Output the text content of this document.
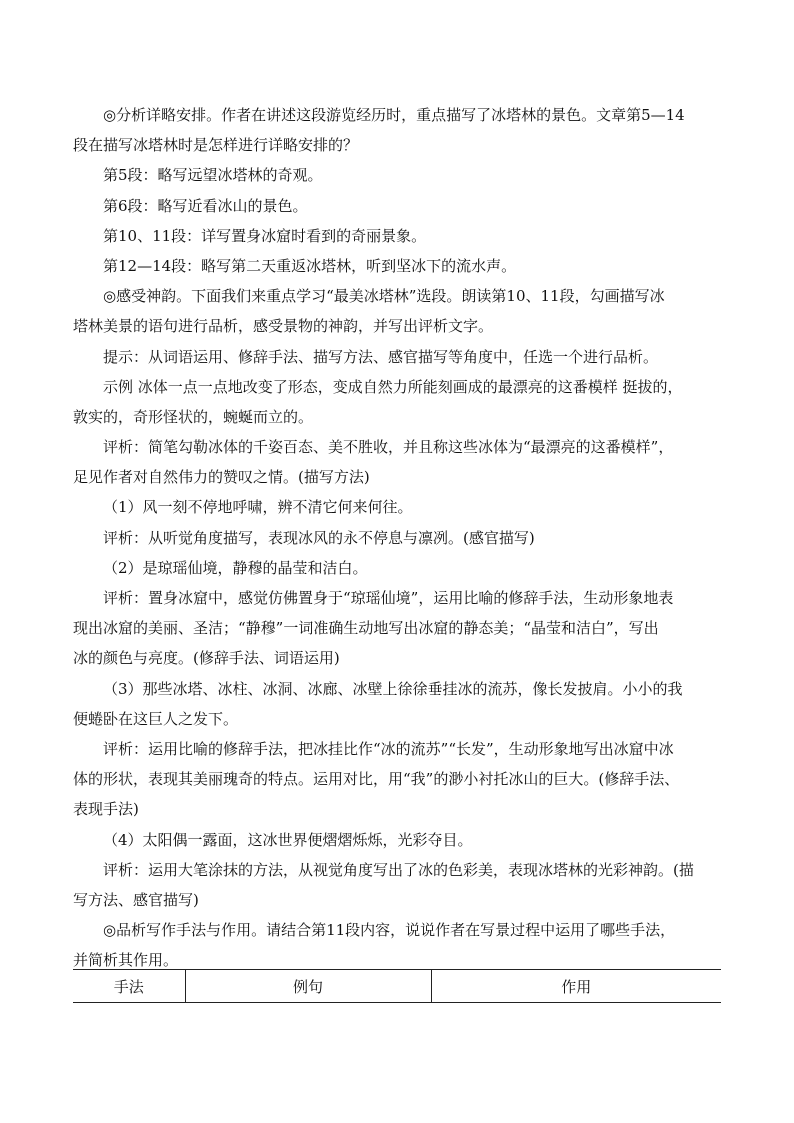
◎分析详略安排。作者在讲述这段游览经历时，重点描写了冰塔林的景色。文章第5—14
段在描写冰塔林时是怎样进行详略安排的？
第5段：略写远望冰塔林的奇观。
第6段：略写近看冰山的景色。
第10、11段：详写置身冰窟时看到的奇丽景象。
第12—14段：略写第二天重返冰塔林，听到坚冰下的流水声。
◎感受神韵。下面我们来重点学习“最美冰塔林”选段。朗读第10、11段，勾画描写冰
塔林美景的语句进行品析，感受景物的神韵，并写出评析文字。
提示：从词语运用、修辞手法、描写方法、感官描写等角度中，任选一个进行品析。
示例 冰体一点一点地改变了形态，变成自然力所能刻画成的最漂亮的这番模样 挺拔的，
敦实的，奇形怪状的，蜿蜒而立的。
评析：简笔勾勒冰体的千姿百态、美不胜收，并且称这些冰体为“最漂亮的这番模样”，
足见作者对自然伟力的赞叹之情。(描写方法)
（1）风一刻不停地呼啸，辨不清它何来何往。
评析：从听觉角度描写，表现冰风的永不停息与凛冽。(感官描写)
（2）是琼瑶仙境，静穆的晶莹和洁白。
评析：置身冰窟中，感觉仿佛置身于“琼瑶仙境”，运用比喻的修辞手法，生动形象地表
现出冰窟的美丽、圣洁；“静穆”一词准确生动地写出冰窟的静态美；“晶莹和洁白”，写出
冰的颜色与亮度。(修辞手法、词语运用)
（3）那些冰塔、冰柱、冰洞、冰廊、冰壁上徐徐垂挂冰的流苏，像长发披肩。小小的我
便蜷卧在这巨人之发下。
评析：运用比喻的修辞手法，把冰挂比作“冰的流苏”“长发”，生动形象地写出冰窟中冰
体的形状，表现其美丽瑰奇的特点。运用对比，用“我”的渺小衬托冰山的巨大。(修辞手法、
表现手法)
（4）太阳偶一露面，这冰世界便熠熠烁烁，光彩夺目。
评析：运用大笔涂抹的方法，从视觉角度写出了冰的色彩美，表现冰塔林的光彩神韵。(描
写方法、感官描写)
◎品析写作手法与作用。请结合第11段内容，说说作者在写景过程中运用了哪些手法，
并简析其作用。
手法	例句	作用
